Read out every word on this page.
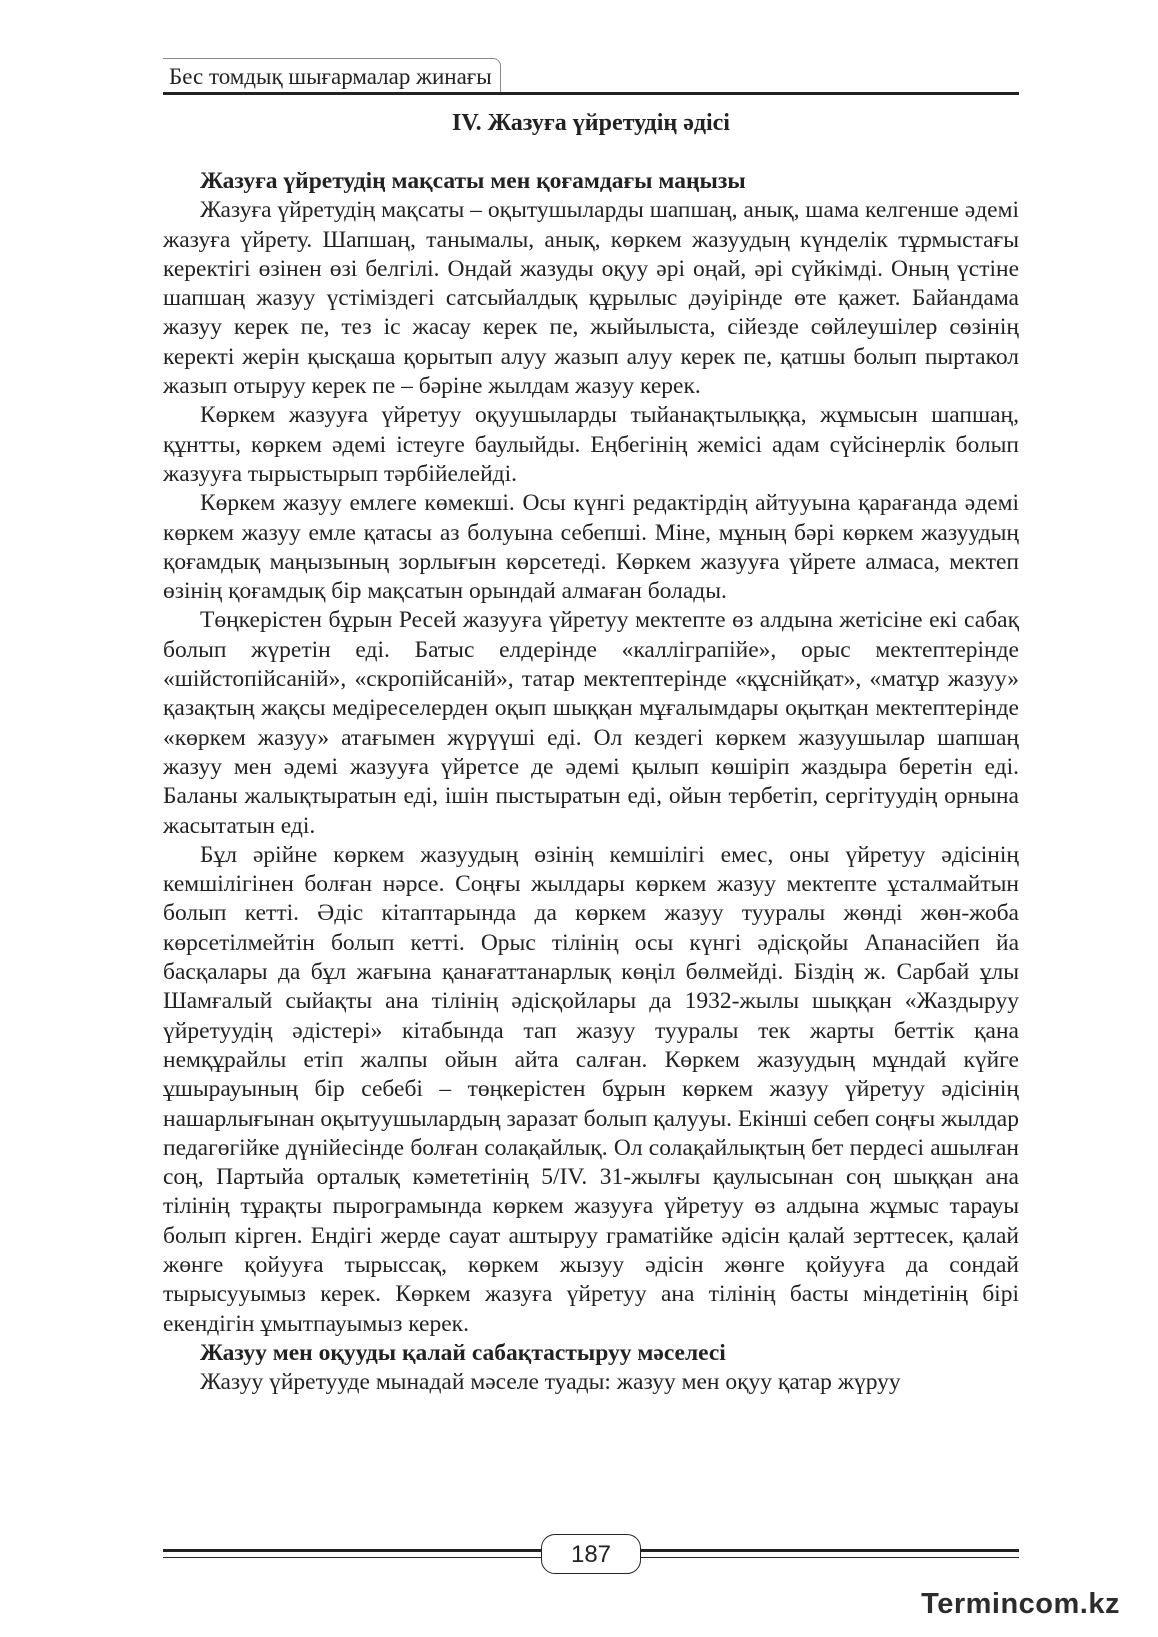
Бес томдық шығармалар жинағы
IV. Жазуға үйретудің әдісі

Жазуға үйретудің мақсаты мен қоғамдағы маңызы

Жазуға үйретудің мақсаты – оқытушыларды шапшаң, анық, шама келгенше әдемі жазуға үйрету. Шапшаң, танымалы, анық, көркем жазуудың күнделік тұрмыстағы керектігі өзінен өзі белгілі. Ондай жазуды оқуу әрі оңай, әрі сүйкімді. Оның үстіне шапшаң жазуу үстіміздегі сатсыйалдық құрылыс дəуірінде өте қажет. Байандама жазуу керек пе, тез іс жасау керек пе, жыйылыста, сійезде сөйлеушілер сөзінің керекті жерін қысқаша қорытып алуу жазып алуу керек пе, қатшы болып пыртакол жазып отыруу керек пе – бəріне жылдам жазуу керек.

Көркем жазууға үйретуу оқуушыларды тыйанақтылыққа, жұмысын шапшаң, құнтты, көркем әдемі істеуге баулыйды. Еңбегінің жемісі адам сүйсінерлік болып жазууға тырыстырып тәрбійелейді.

Көркем жазуу емлеге көмекші. Осы күнгі редактірдің айтууына қарағанда әдемі көркем жазуу емле қатасы аз болуына себепші. Міне, мұның бәрі көркем жазуудың қоғамдық маңызының зорлығын көрсетеді. Көркем жазууға үйрете алмаса, мектеп өзінің қоғамдық бір мақсатын орындай алмаған болады.

Төңкерістен бұрын Ресей жазууға үйретуу мектепте өз алдына жетісіне екі сабақ болып жүретін еді. Батыс елдерінде «калліграпійе», орыс мектептерінде «шійстопійсаній», «скропійсаній», татар мектептерінде «құснійқат», «матұр жазуу» қазақтың жақсы медіреселерден оқып шыққан мұғалымдары оқытқан мектептерінде «көркем жазуу» атағымен жүрүүші еді. Ол кездегі көркем жазуушылар шапшаң жазуу мен әдемі жазууға үйретсе де әдемі қылып көшіріп жаздыра беретін еді. Баланы жалықтыратын еді, ішін пыстыратын еді, ойын тербетіп, сергітуудің орнына жасытатын еді.

Бұл әрійне көркем жазуудың өзінің кемшілігі емес, оны үйретуу әдісінің кемшілігінен болған нәрсе. Соңғы жылдары көркем жазуу мектепте ұсталмайтын болып кетті. Әдіс кітаптарында да көркем жазуу тууралы жөнді жөн-жоба көрсетілмейтін болып кетті. Орыс тілінің осы күнгі әдісқойы Апанасійеп йа басқалары да бұл жағына қанағаттанарлық көңіл бөлмейді. Біздің ж. Сарбай ұлы Шамғалый сыйақты ана тілінің әдісқойлары да 1932-жылы шыққан «Жаздыруу үйретуудің әдістері» кітабында тап жазуу тууралы тек жарты беттік қана немқұрайлы етіп жалпы ойын айта салған. Көркем жазуудың мұндай күйге ұшырауының бір себебі – төңкерістен бұрын көркем жазуу үйретуу әдісінің нашарлығынан оқытуушылардың заразат болып қалууы. Екінші себеп соңғы жылдар педагөгійке дүнійесінде болған солақайлық. Ол солақайлықтың бет пердесі ашылған соң, Партыйа орталық кәмететінің 5/IV. 31-жылғы қаулысынан соң шыққан ана тілінің тұрақты пырограмында көркем жазууға үйретуу өз алдына жұмыс тарауы болып кірген. Ендігі жерде сауат аштыруу граматійке әдісін қалай зерттесек, қалай жөнге қойууға тырыссақ, көркем жызуу әдісін жөнге қойууға да сондай тырысууымыз керек. Көркем жазуға үйретуу ана тілінің басты міндетінің бірі екендігін ұмытпауымыз керек.

Жазуу мен оқууды қалай сабақтастыруу мәселесі

Жазуу үйретууде мынадай мәселе туады: жазуу мен оқуу қатар жүруу

187
Termincom.kz
